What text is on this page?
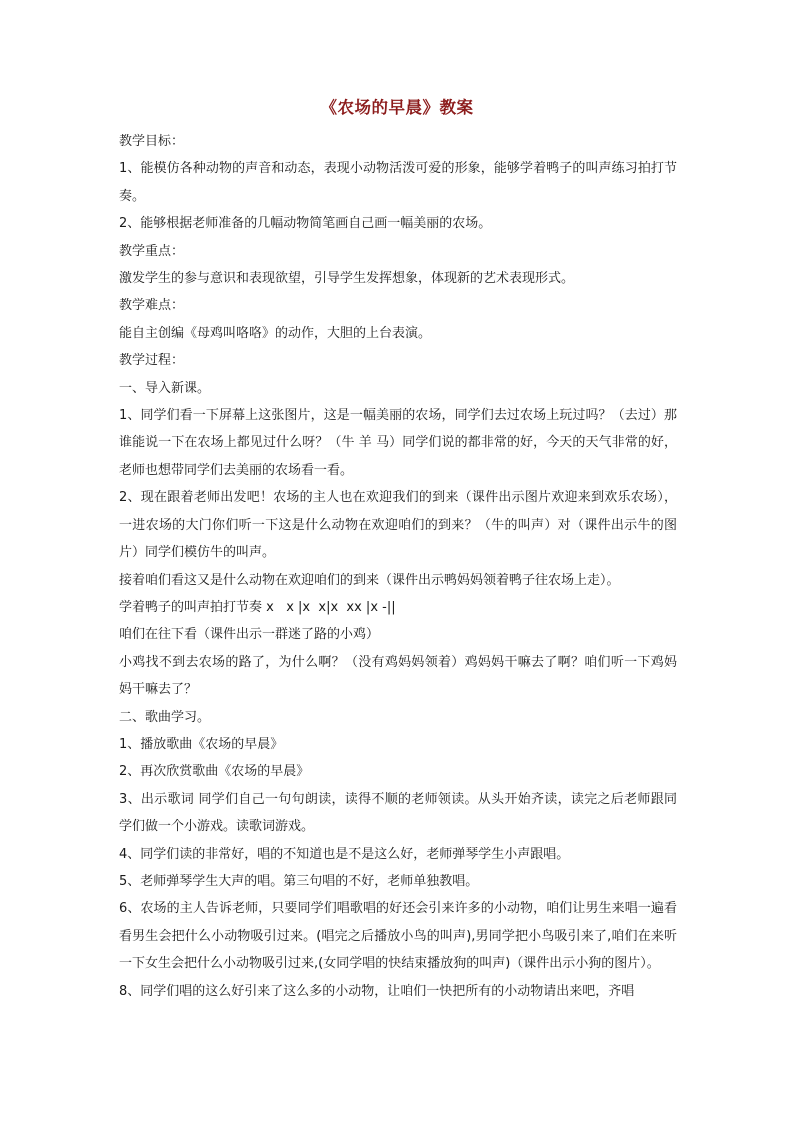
《农场的早晨》教案

教学目标：

1、能模仿各种动物的声音和动态，表现小动物活泼可爱的形象，能够学着鸭子的叫声练习拍打节奏。

2、能够根据老师准备的几幅动物简笔画自己画一幅美丽的农场。

教学重点：

激发学生的参与意识和表现欲望，引导学生发挥想象，体现新的艺术表现形式。

教学难点：

能自主创编《母鸡叫咯咯》的动作，大胆的上台表演。

教学过程：

一、导入新课。

1、同学们看一下屏幕上这张图片，这是一幅美丽的农场，同学们去过农场上玩过吗？（去过）那谁能说一下在农场上都见过什么呀？（牛 羊 马）同学们说的都非常的好，今天的天气非常的好，老师也想带同学们去美丽的农场看一看。

2、现在跟着老师出发吧！农场的主人也在欢迎我们的到来（课件出示图片欢迎来到欢乐农场），一进农场的大门你们听一下这是什么动物在欢迎咱们的到来？（牛的叫声）对（课件出示牛的图片）同学们模仿牛的叫声。

接着咱们看这又是什么动物在欢迎咱们的到来（课件出示鸭妈妈领着鸭子往农场上走）。

学着鸭子的叫声拍打节奏 x   x |x  x|x  xx |x -||

咱们在往下看（课件出示一群迷了路的小鸡）

小鸡找不到去农场的路了，为什么啊？（没有鸡妈妈领着）鸡妈妈干嘛去了啊？咱们听一下鸡妈妈干嘛去了？

二、歌曲学习。

1、播放歌曲《农场的早晨》

2、再次欣赏歌曲《农场的早晨》

3、出示歌词 同学们自己一句句朗读，读得不顺的老师领读。从头开始齐读，读完之后老师跟同学们做一个小游戏。读歌词游戏。

4、同学们读的非常好，唱的不知道也是不是这么好，老师弹琴学生小声跟唱。

5、老师弹琴学生大声的唱。第三句唱的不好，老师单独教唱。

6、农场的主人告诉老师，只要同学们唱歌唱的好还会引来许多的小动物，咱们让男生来唱一遍看看男生会把什么小动物吸引过来。(唱完之后播放小鸟的叫声),男同学把小鸟吸引来了,咱们在来听一下女生会把什么小动物吸引过来,(女同学唱的快结束播放狗的叫声)（课件出示小狗的图片）。

8、同学们唱的这么好引来了这么多的小动物，让咱们一快把所有的小动物请出来吧，齐唱
